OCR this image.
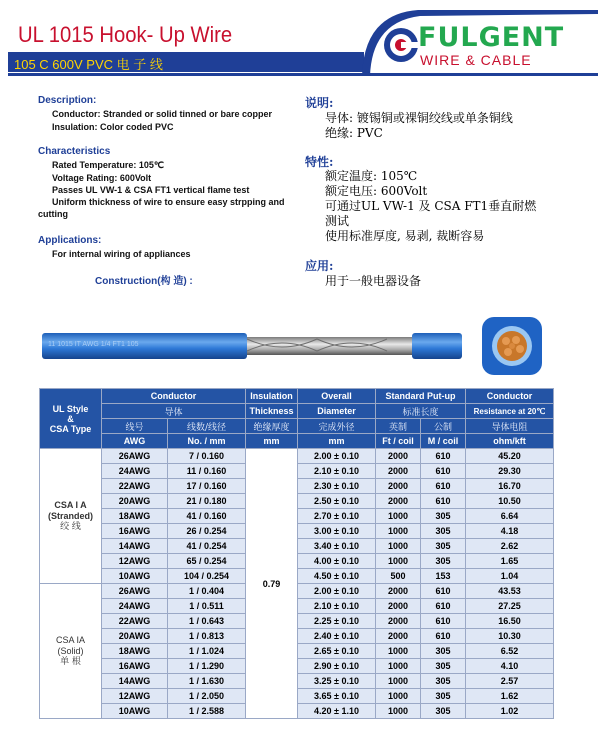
UL 1015 Hook- Up Wire
105 C 600V PVC 电 子 线
FULGENT
WIRE & CABLE
Description:
Conductor: Stranded or solid tinned or bare copper
Insulation: Color coded PVC
Characteristics
Rated Temperature: 105℃
Voltage Rating: 600Volt
Passes UL VW-1 & CSA FT1 vertical flame test
Uniform thickness of wire to ensure easy strpping and
cutting
Applications:
For internal wiring of appliances
Construction(构 造) :
说明:
导体: 镀锡铜或裸铜绞线或单条铜线
绝缘: PVC
特性:
额定温度: 105℃
额定电压: 600Volt
可通过UL VW-1 及 CSA FT1垂直耐燃
测试
使用标准厚度, 易剥, 裁断容易
应用:
用于一般电器设备
11 1015 IT AWG 1/4 FT1 105
UL Style
&
CSA Type	Conductor		Insulation	Overall	Standard Put-up		Conductor
	导体		Thickness	Diameter	标准长度		Resistance at 20℃
	线号	线数/线径	绝缘厚度	完成外径	英制	公制	导体电阻
	AWG	No. / mm	mm	mm	Ft / coil	M / coil	ohm/kft

CSA I A
(Stranded)
绞 线	26AWG	7 / 0.160	0.79	2.00 ± 0.10	2000	610	45.20
	24AWG	11 / 0.160		2.10 ± 0.10	2000	610	29.30
	22AWG	17 / 0.160		2.30 ± 0.10	2000	610	16.70
	20AWG	21 / 0.180		2.50 ± 0.10	2000	610	10.50
	18AWG	41 / 0.160		2.70 ± 0.10	1000	305	6.64
	16AWG	26 / 0.254		3.00 ± 0.10	1000	305	4.18
	14AWG	41 / 0.254		3.40 ± 0.10	1000	305	2.62
	12AWG	65 / 0.254		4.00 ± 0.10	1000	305	1.65
	10AWG	104 / 0.254		4.50 ± 0.10	500	153	1.04

CSA IA
(Solid)
单 根	26AWG	1 / 0.404		2.00 ± 0.10	2000	610	43.53
	24AWG	1 / 0.511		2.10 ± 0.10	2000	610	27.25
	22AWG	1 / 0.643		2.25 ± 0.10	2000	610	16.50
	20AWG	1 / 0.813		2.40 ± 0.10	2000	610	10.30
	18AWG	1 / 1.024		2.65 ± 0.10	1000	305	6.52
	16AWG	1 / 1.290		2.90 ± 0.10	1000	305	4.10
	14AWG	1 / 1.630		3.25 ± 0.10	1000	305	2.57
	12AWG	1 / 2.050		3.65 ± 0.10	1000	305	1.62
	10AWG	1 / 2.588		4.20 ± 1.10	1000	305	1.02
